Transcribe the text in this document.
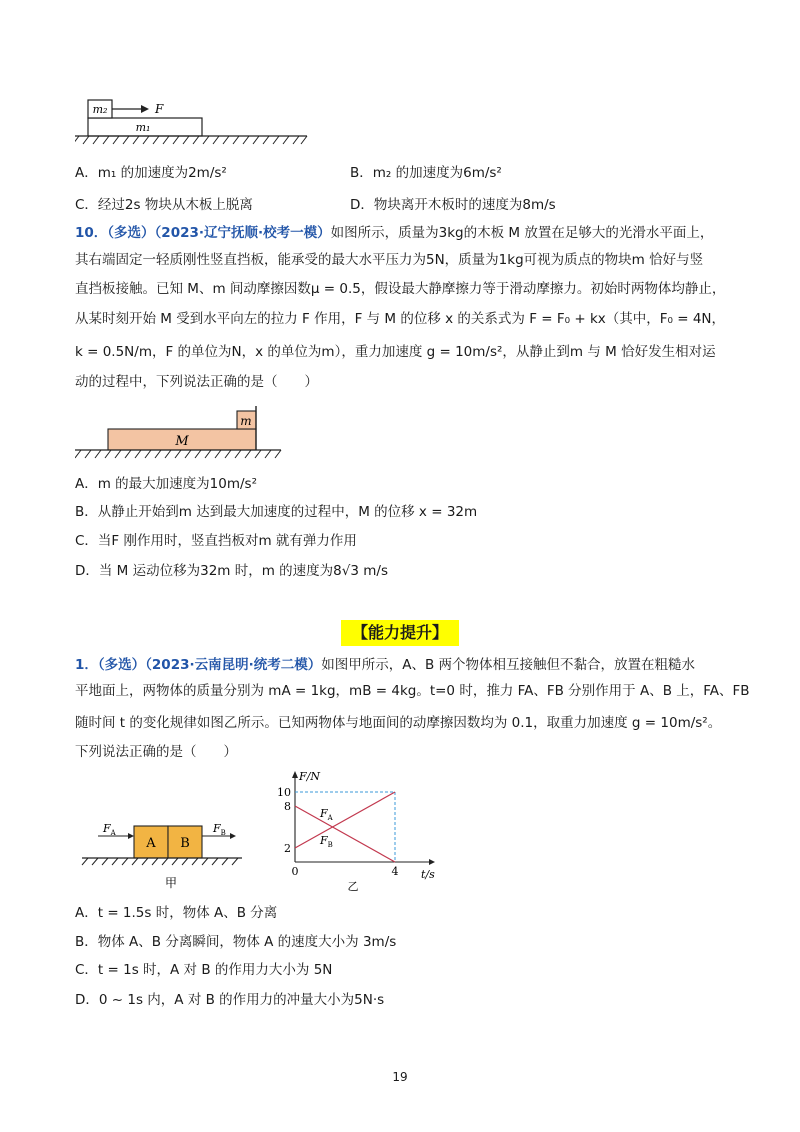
m₂
m₁
F
A．m₁ 的加速度为2m/s²	B．m₂ 的加速度为6m/s²
C．经过2s 物块从木板上脱离	D．物块离开木板时的速度为8m/s
10．（多选）（2023·辽宁抚顺·校考一模）如图所示，质量为3kg的木板 M 放置在足够大的光滑水平面上，
其右端固定一轻质刚性竖直挡板，能承受的最大水平压力为5N，质量为1kg可视为质点的物块m 恰好与竖
直挡板接触。已知 M、m 间动摩擦因数μ = 0.5，假设最大静摩擦力等于滑动摩擦力。初始时两物体均静止，
从某时刻开始 M 受到水平向左的拉力 F 作用，F 与 M 的位移 x 的关系式为 F = F₀ + kx（其中，F₀ = 4N，
k = 0.5N/m，F 的单位为N，x 的单位为m），重力加速度 g = 10m/s²，从静止到m 与 M 恰好发生相对运
动的过程中，下列说法正确的是（　　）
m
M
A．m 的最大加速度为10m/s²
B．从静止开始到m 达到最大加速度的过程中，M 的位移 x = 32m
C．当F 刚作用时，竖直挡板对m 就有弹力作用
D．当 M 运动位移为32m 时，m 的速度为8√3 m/s
【能力提升】
1．（多选）（2023·云南昆明·统考二模）如图甲所示，A、B 两个物体相互接触但不黏合，放置在粗糙水
平地面上，两物体的质量分别为 mA = 1kg，mB = 4kg。t=0 时，推力 FA、FB 分别作用于 A、B 上，FA、FB
随时间 t 的变化规律如图乙所示。已知两物体与地面间的动摩擦因数均为 0.1，取重力加速度 g = 10m/s²。
下列说法正确的是（　　）
A B
$F_A$	$F_B$
甲
F/N
t/s
乙
2
8
10
0	4
$F_A$
$F_B$
A．t = 1.5s 时，物体 A、B 分离
B．物体 A、B 分离瞬间，物体 A 的速度大小为 3m/s
C．t = 1s 时，A 对 B 的作用力大小为 5N
D．0 ~ 1s 内，A 对 B 的作用力的冲量大小为5N·s
19
